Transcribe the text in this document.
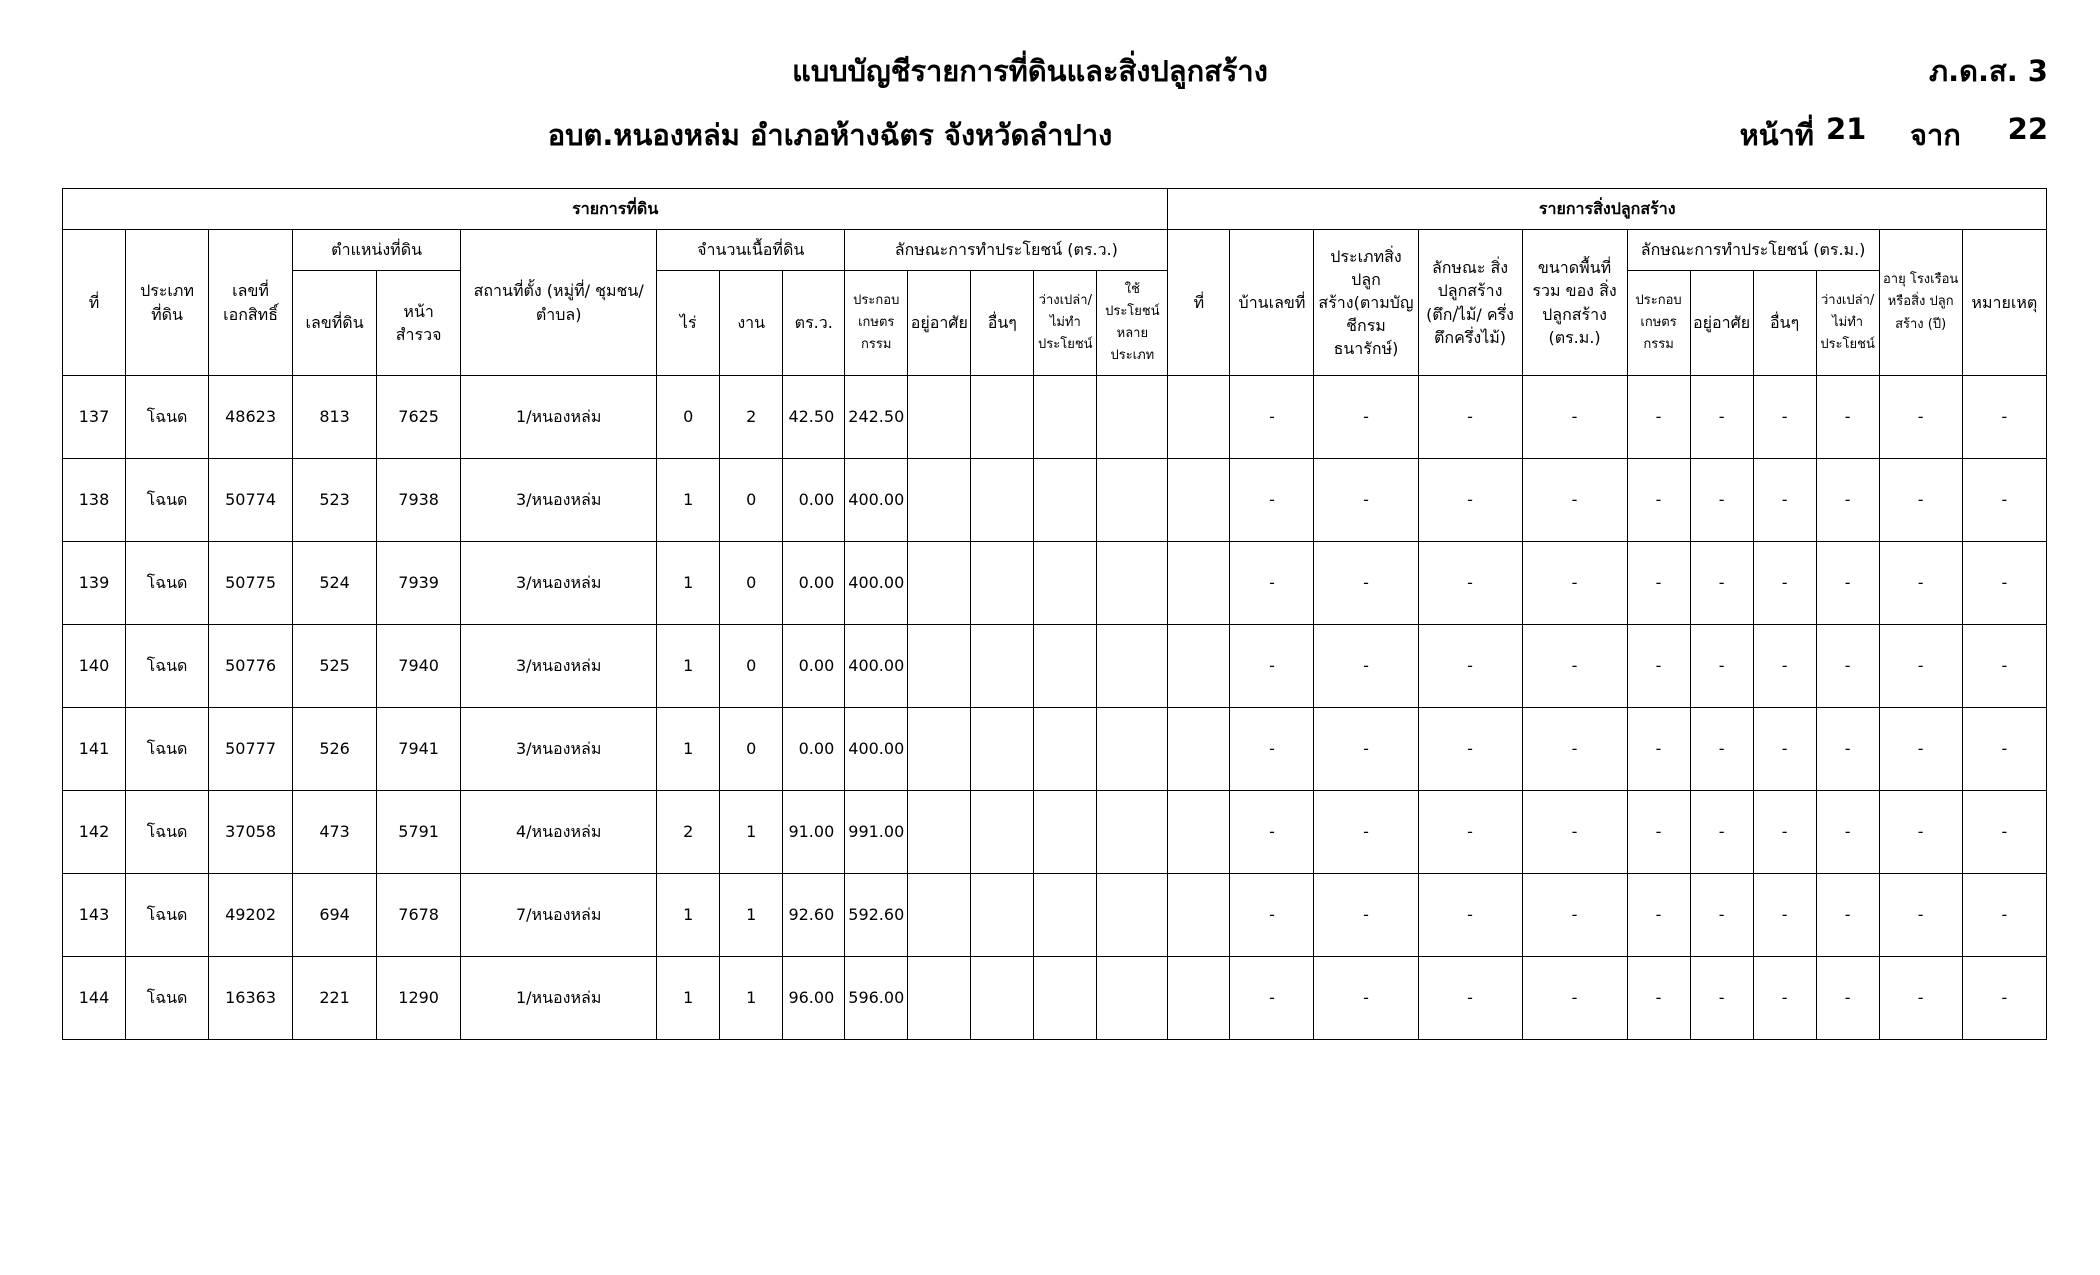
แบบบัญชีรายการที่ดินและสิ่งปลูกสร้าง	ภ.ด.ส. 3
อบต.หนองหล่ม อำเภอห้างฉัตร จังหวัดลำปาง	หน้าที่ 21	จาก	22
รายการที่ดิน														รายการสิ่งปลูกสร้าง										
ที่	ประเภท ที่ดิน	เลขที่ เอกสิทธิ์	ตำแหน่งที่ดิน		สถานที่ตั้ง (หมู่ที่/ ชุมชน/ ตำบล)	จำนวนเนื้อที่ดิน			ลักษณะการทำประโยชน์ (ตร.ว.)					ที่	บ้านเลขที่	ประเภทสิ่งปลูก สร้าง(ตามบัญ ชีกรมธนารักษ์)	ลักษณะ สิ่งปลูกสร้าง (ตึก/ไม้/ ครึ่งตึกครึ่งไม้)	ขนาดพื้นที่รวม ของ สิ่งปลูกสร้าง (ตร.ม.)	ลักษณะการทำประโยชน์ (ตร.ม.)				อายุ โรงเรือน หรือสิ่ง ปลูกสร้าง (ปี)	หมายเหตุ
			เลขที่ดิน	หน้า สำรวจ		ไร่	งาน	ตร.ว.	ประกอบ เกษตร กรรม	อยู่อาศัย	อื่นๆ	ว่างเปล่า/ ไม่ทำ ประโยชน์	ใช้ประโยชน์ หลาย ประเภท						ประกอบ เกษตร กรรม	อยู่อาศัย	อื่นๆ	ว่างเปล่า/ ไม่ทำ ประโยชน์		
137	โฉนด	48623	813	7625	1/หนองหล่ม	0	2	42.50	242.50						-	-	-	-	-	-	-	-	-	-
138	โฉนด	50774	523	7938	3/หนองหล่ม	1	0	0.00	400.00						-	-	-	-	-	-	-	-	-	-
139	โฉนด	50775	524	7939	3/หนองหล่ม	1	0	0.00	400.00						-	-	-	-	-	-	-	-	-	-
140	โฉนด	50776	525	7940	3/หนองหล่ม	1	0	0.00	400.00						-	-	-	-	-	-	-	-	-	-
141	โฉนด	50777	526	7941	3/หนองหล่ม	1	0	0.00	400.00						-	-	-	-	-	-	-	-	-	-
142	โฉนด	37058	473	5791	4/หนองหล่ม	2	1	91.00	991.00						-	-	-	-	-	-	-	-	-	-
143	โฉนด	49202	694	7678	7/หนองหล่ม	1	1	92.60	592.60						-	-	-	-	-	-	-	-	-	-
144	โฉนด	16363	221	1290	1/หนองหล่ม	1	1	96.00	596.00						-	-	-	-	-	-	-	-	-	-
